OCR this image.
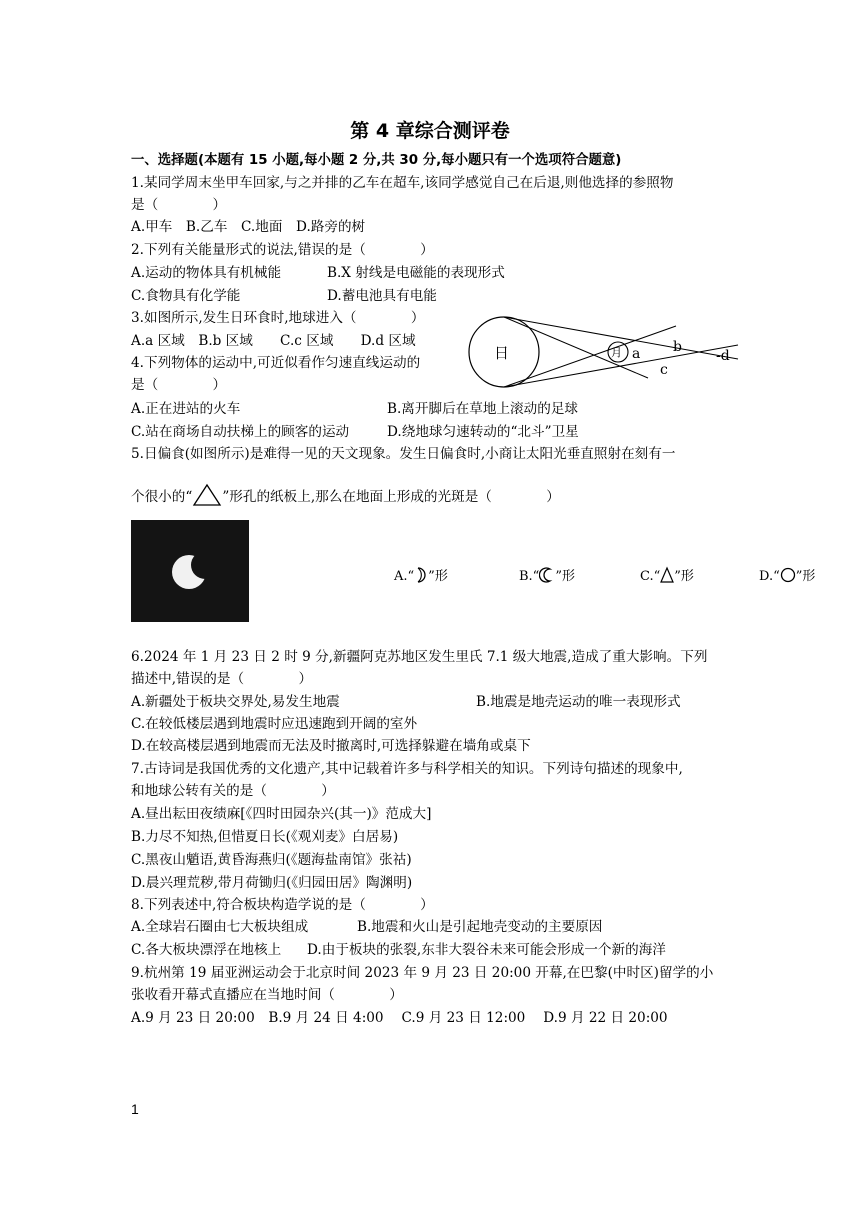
第 4 章综合测评卷
一、选择题(本题有 15 小题,每小题 2 分,共 30 分,每小题只有一个选项符合题意)
1.某同学周末坐甲车回家,与之并排的乙车在超车,该同学感觉自己在后退,则他选择的参照物
是（　　　　）
A.甲车　B.乙车　C.地面　D.路旁的树
2.下列有关能量形式的说法,错误的是（　　　　）
A.运动的物体具有机械能	B.X 射线是电磁能的表现形式
C.食物具有化学能	D.蓄电池具有电能
3.如图所示,发生日环食时,地球进入（　　　　）
A.a 区域　B.b 区域　　C.c 区域　　D.d 区域
日	月 a b
c
-d
4.下列物体的运动中,可近似看作匀速直线运动的
是（　　　　）
A.正在进站的火车	B.离开脚后在草地上滚动的足球
C.站在商场自动扶梯上的顾客的运动	D.绕地球匀速转动的“北斗”卫星
5.日偏食(如图所示)是难得一见的天文现象。发生日偏食时,小商让太阳光垂直照射在刻有一
个很小的“ ”形孔的纸板上,那么在地面上形成的光斑是（　　　　）
A.“ ”形	B.“ ”形	C.“ ”形	D.“ ”形
6.2024 年 1 月 23 日 2 时 9 分,新疆阿克苏地区发生里氏 7.1 级大地震,造成了重大影响。下列
描述中,错误的是（　　　　）
A.新疆处于板块交界处,易发生地震	B.地震是地壳运动的唯一表现形式
C.在较低楼层遇到地震时应迅速跑到开阔的室外
D.在较高楼层遇到地震而无法及时撤离时,可选择躲避在墙角或桌下
7.古诗词是我国优秀的文化遗产,其中记载着许多与科学相关的知识。下列诗句描述的现象中,
和地球公转有关的是（　　　　）
A.昼出耘田夜绩麻[《四时田园杂兴(其一)》范成大]
B.力尽不知热,但惜夏日长(《观刈麦》白居易)
C.黑夜山魈语,黄昏海燕归(《题海盐南馆》张祜)
D.晨兴理荒秽,带月荷锄归(《归园田居》陶渊明)
8.下列表述中,符合板块构造学说的是（　　　　）
A.全球岩石圈由七大板块组成	B.地震和火山是引起地壳变动的主要原因
C.各大板块漂浮在地核上 D.由于板块的张裂,东非大裂谷未来可能会形成一个新的海洋
9.杭州第 19 届亚洲运动会于北京时间 2023 年 9 月 23 日 20:00 开幕,在巴黎(中时区)留学的小
张收看开幕式直播应在当地时间（　　　　）
A.9 月 23 日 20:00　B.9 月 24 日 4:00　 C.9 月 23 日 12:00　 D.9 月 22 日 20:00
1
